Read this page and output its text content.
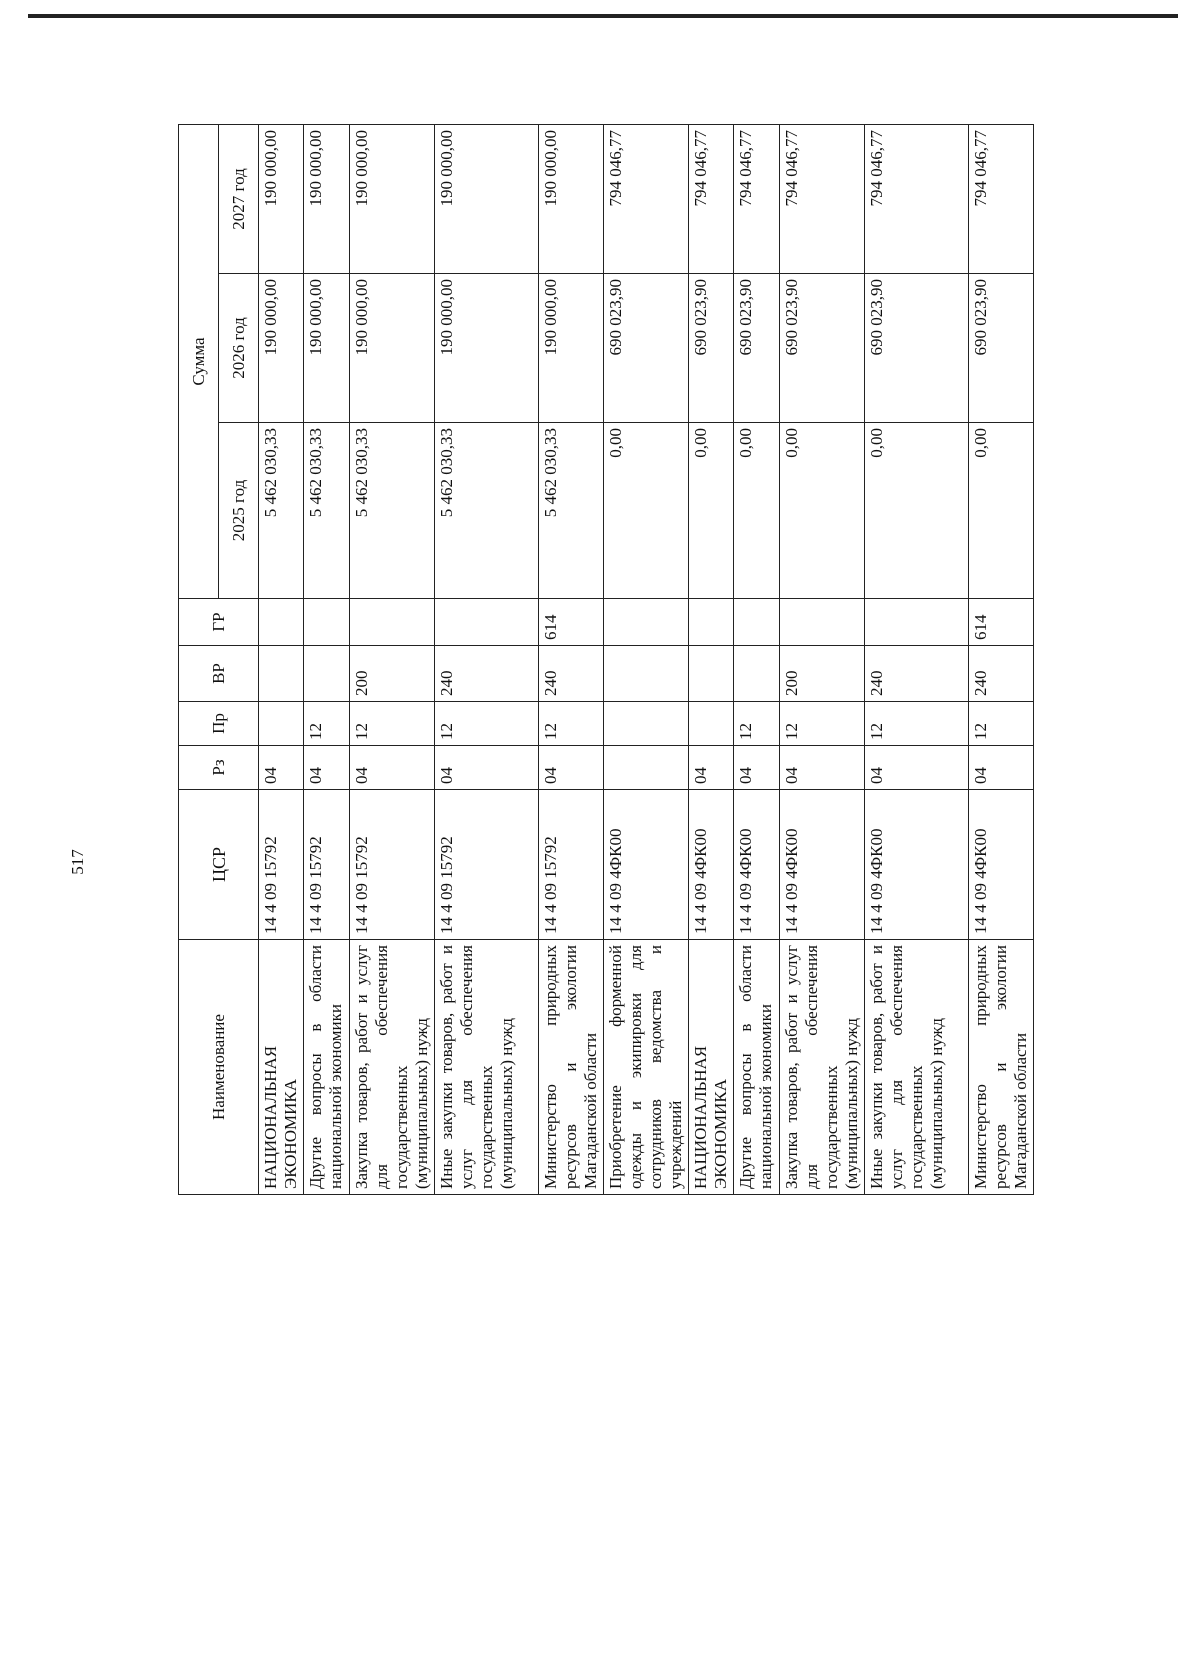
517
Наименование	ЦСР	Рз	Пр	ВР	ГР	Сумма		
						2025 год	2026 год	2027 год
НАЦИОНАЛЬНАЯ ЭКОНОМИКА	14 4 09 15792	04				5 462 030,33	190 000,00	190 000,00
Другие вопросы в области национальной экономики	14 4 09 15792	04	12			5 462 030,33	190 000,00	190 000,00
Закупка товаров, работ и услуг для обеспечения государственных (муниципальных) нужд	14 4 09 15792	04	12	200		5 462 030,33	190 000,00	190 000,00
Иные закупки товаров, работ и услуг для обеспечения государственных (муниципальных) нужд	14 4 09 15792	04	12	240		5 462 030,33	190 000,00	190 000,00
Министерство природных ресурсов и экологии Магаданской области	14 4 09 15792	04	12	240	614	5 462 030,33	190 000,00	190 000,00
Приобретение форменной одежды и экипировки для сотрудников ведомства и учреждений	14 4 09 4ФК00					0,00	690 023,90	794 046,77
НАЦИОНАЛЬНАЯ ЭКОНОМИКА	14 4 09 4ФК00	04				0,00	690 023,90	794 046,77
Другие вопросы в области национальной экономики	14 4 09 4ФК00	04	12			0,00	690 023,90	794 046,77
Закупка товаров, работ и услуг для обеспечения государственных (муниципальных) нужд	14 4 09 4ФК00	04	12	200		0,00	690 023,90	794 046,77
Иные закупки товаров, работ и услуг для обеспечения государственных (муниципальных) нужд	14 4 09 4ФК00	04	12	240		0,00	690 023,90	794 046,77
Министерство природных ресурсов и экологии Магаданской области	14 4 09 4ФК00	04	12	240	614	0,00	690 023,90	794 046,77
